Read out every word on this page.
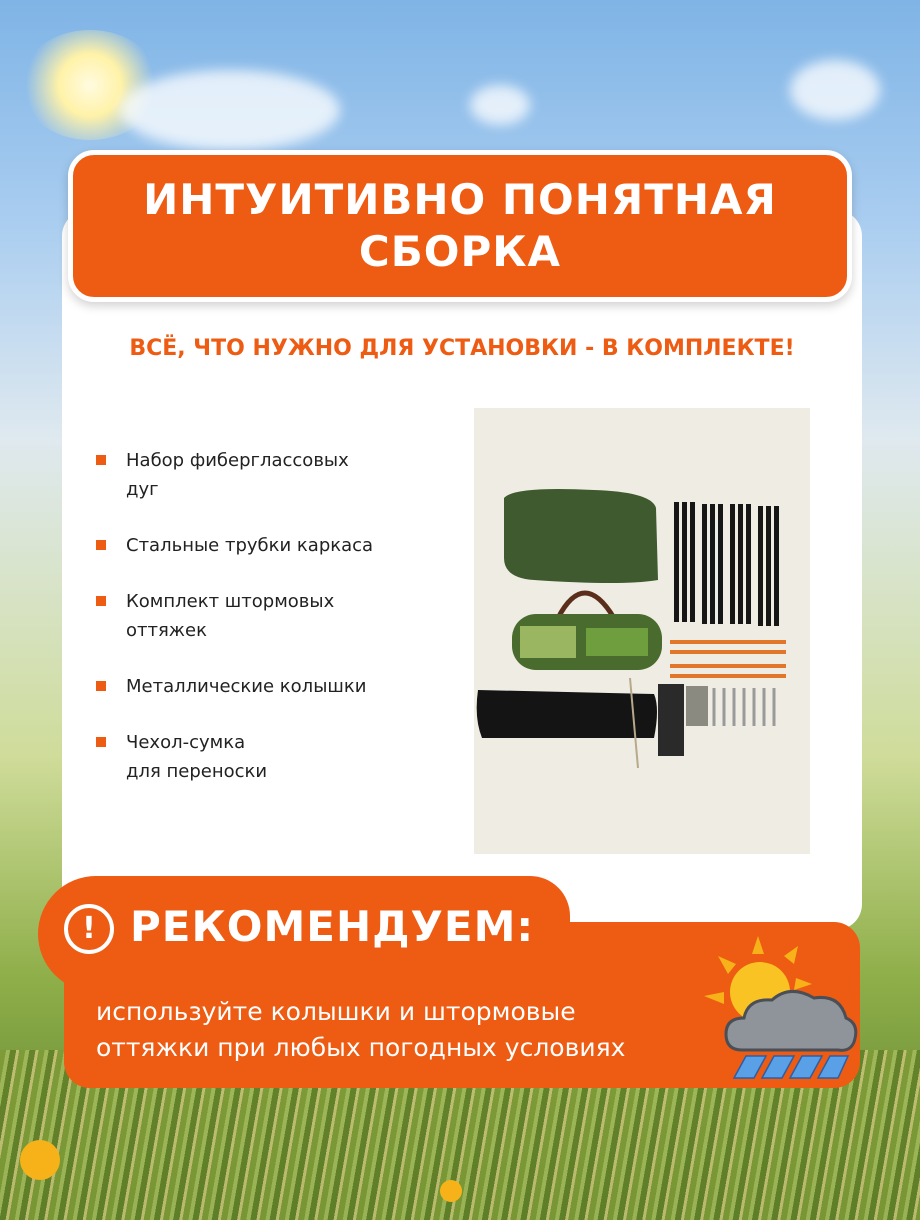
ИНТУИТИВНО ПОНЯТНАЯ
СБОРКА
ВСЁ, ЧТО НУЖНО ДЛЯ УСТАНОВКИ - В КОМПЛЕКТЕ!
Набор фиберглассовых
дуг
Стальные трубки каркаса
Комплект штормовых
оттяжек
Металлические колышки
Чехол-сумка
для переноски
! РЕКОМЕНДУЕМ:
используйте колышки и штормовые
оттяжки при любых погодных условиях
